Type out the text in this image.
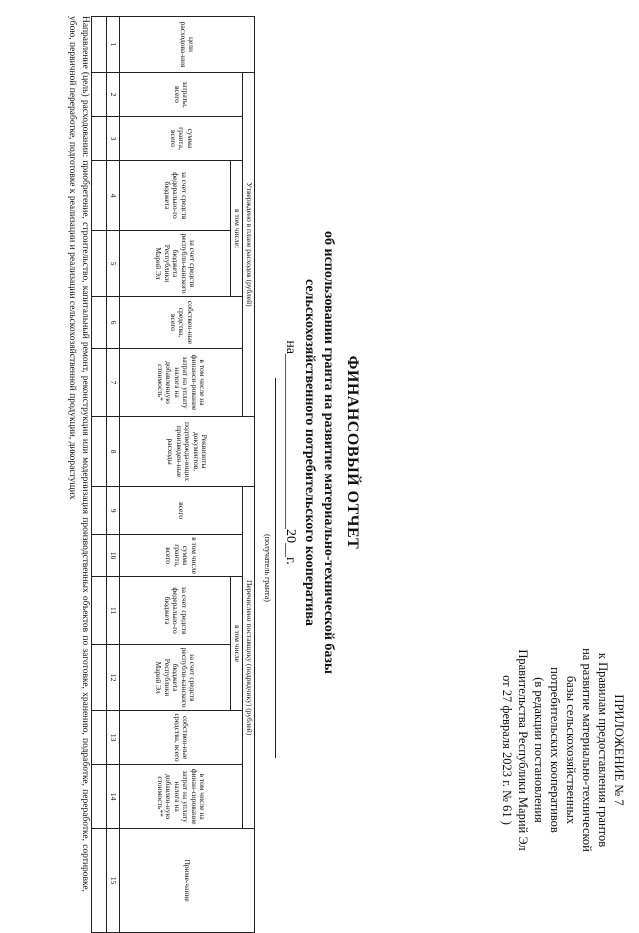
ПРИЛОЖЕНИЕ № 7
к Правилам предоставления грантов
на развитие материально-технической
базы сельскохозяйственных
потребительских кооперативов
(в редакции постановления
Правительства Республики Марий Эл
от 27 февраля 2023 г. № 61 )
ФИНАНСОВЫЙ ОТЧЕТ
об использовании гранта на развитие материально-технической базы
сельскохозяйственного потребительского кооператива
на_________________________20__г.
(получатель гранта)
цели расходова-ния	Утверждено в плане расходов (рублей)						Реквизиты документов, подтвержда-ющих произведен-ные расходы	Перечислено поставщику (подрядчику) (рублей)						Приме-чание
	затраты, всего	сумма гранта, всего	в том числе:		собствен-ные средства, всего	в том числе на финанси-рование затрат на уплату налога на добавленную стоимость*		всего	в том числе сумма гранта, всего	в том числе		собствен-ные средства, всего	в том числе на финан-сирование затрат на уплату налога на добавлен-ную стоимость**	
			за счет средств федерально-го бюджета	за счет средств республи-канского бюджета Республики Марий Эл						за счет средств федерально-го бюджета	за счет средств республи-канского бюджета Республики Марий Эл			
1	2	3	4	5	6	7	8	9	10	11	12	13	14	15

Направление (цель) расходования: приобретение, строительство, капитальный ремонт, реконструкция или модернизация производственных объектов по заготовке, хранению, подработке, переработке, сортировке, убою, первичной переработке, подготовке к реализации и реализации сельскохозяйственной продукции, дикорастущих
